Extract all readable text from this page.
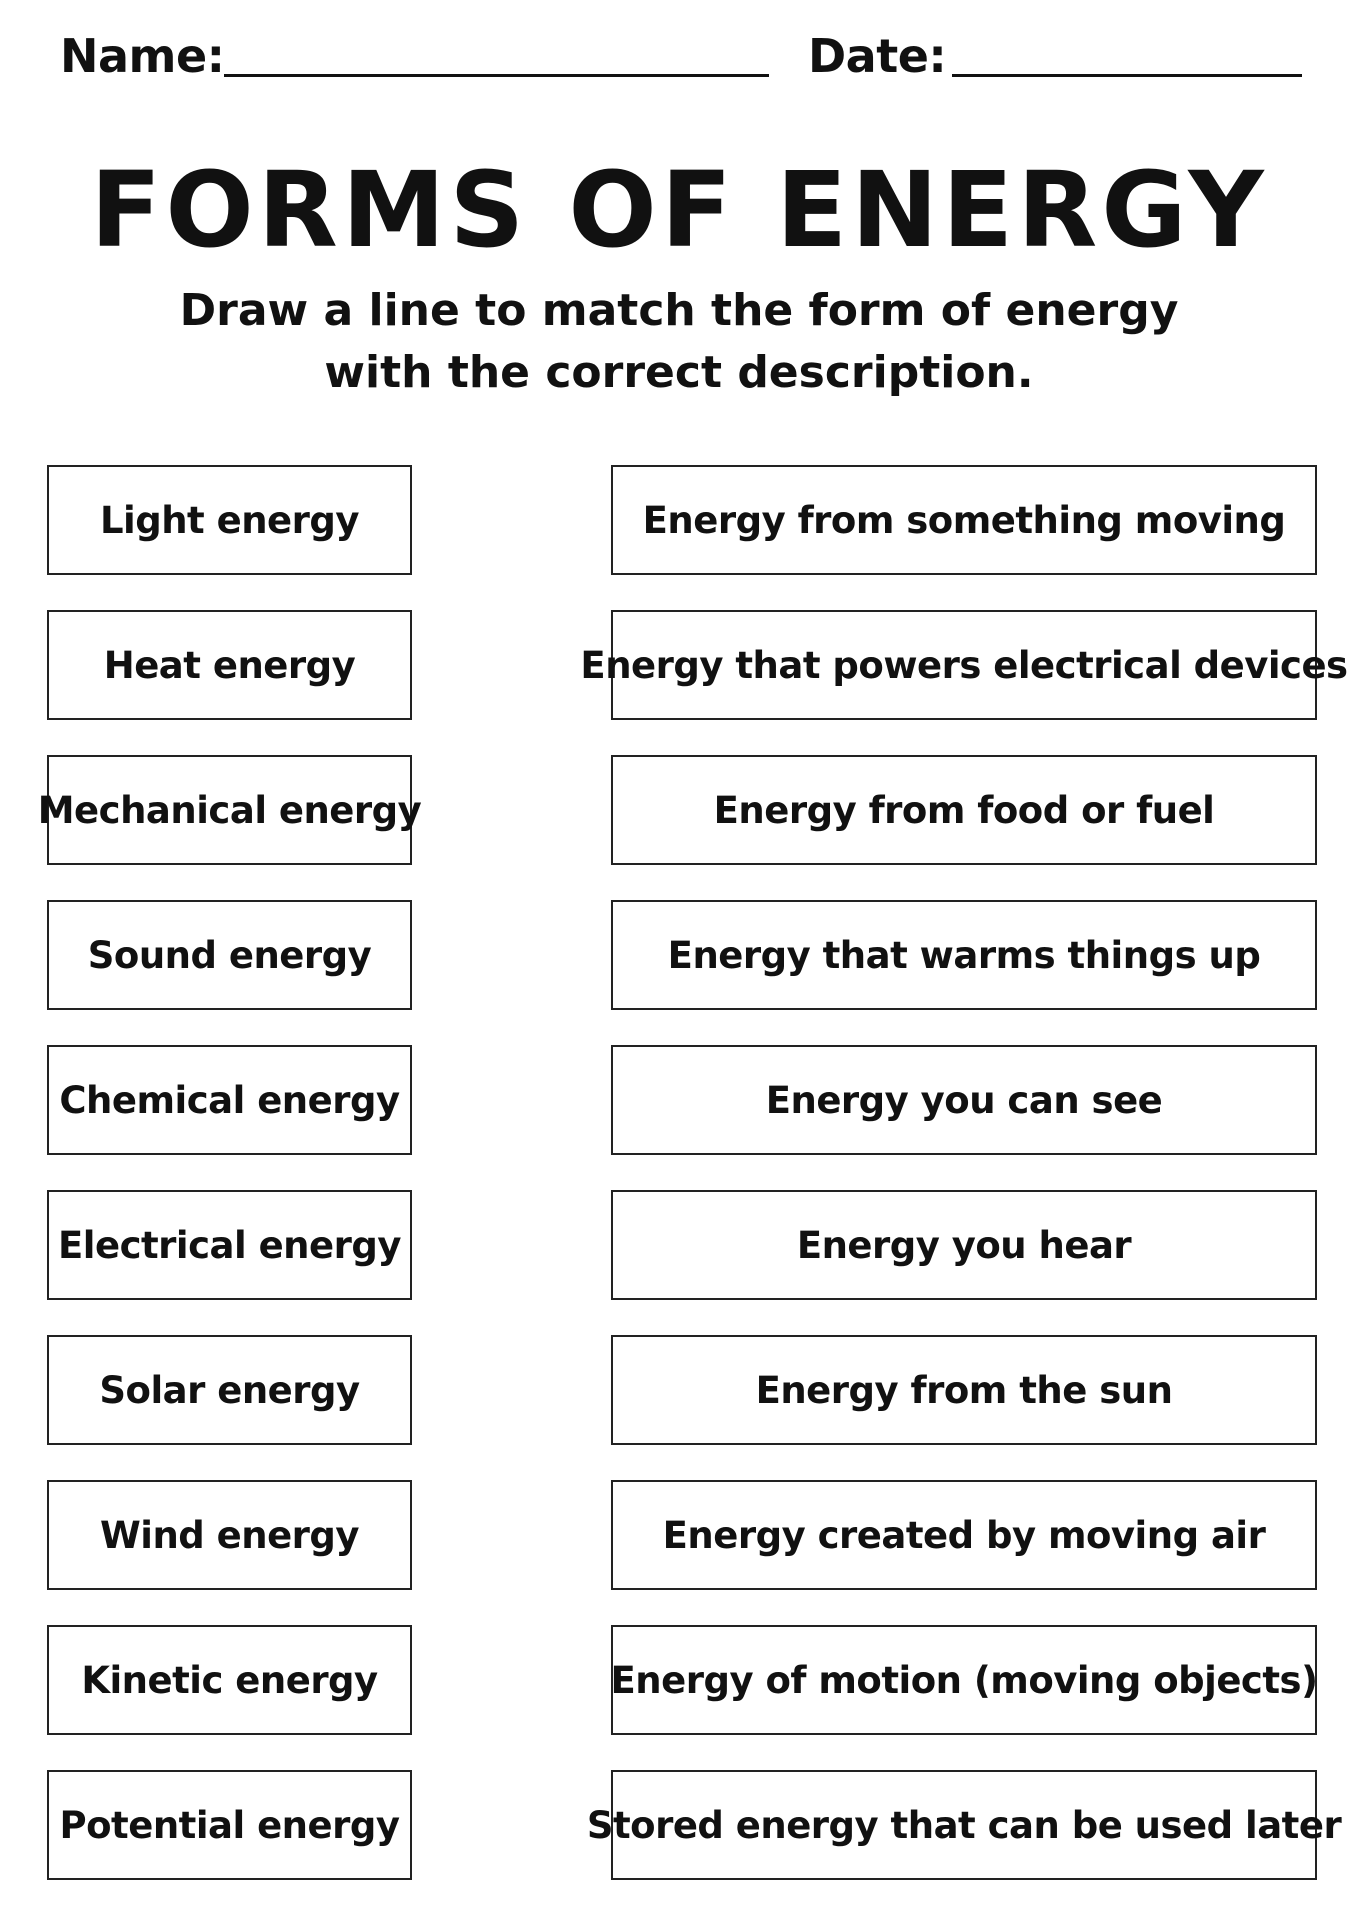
Name:	Date:
FORMS OF ENERGY
Draw a line to match the form of energy
with the correct description.
Light energy
Heat energy
Mechanical energy
Sound energy
Chemical energy
Electrical energy
Solar energy
Wind energy
Kinetic energy
Potential energy
Energy from something moving
Energy that powers electrical devices
Energy from food or fuel
Energy that warms things up
Energy you can see
Energy you hear
Energy from the sun
Energy created by moving air
Energy of motion (moving objects)
Stored energy that can be used later
